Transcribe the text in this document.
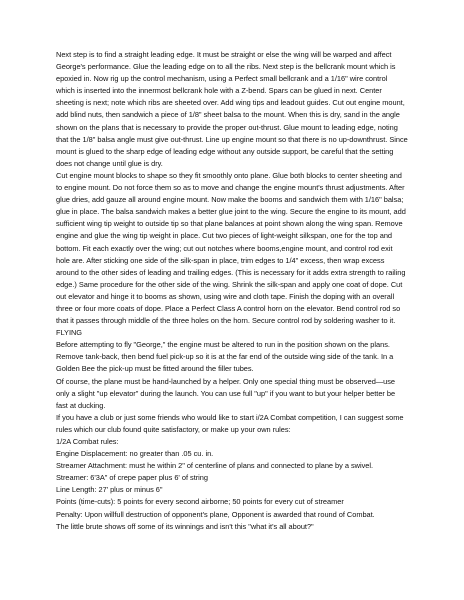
Next step is to find a straight leading edge. It must be straight or else the wing will be warped and affect George's performance. Glue the leading edge on to all the ribs. Next step is the bellcrank mount which is epoxied in. Now rig up the control mechanism, using a Perfect small bellcrank and a 1/16" wire control which is inserted into the innermost bellcrank hole with a Z-bend. Spars can be glued in next. Center sheeting is next; note which ribs are sheeted over. Add wing tips and leadout guides. Cut out engine mount, add blind nuts, then sandwich a piece of 1/8" sheet balsa to the mount. When this is dry, sand in the angle shown on the plans that is necessary to provide the proper out-thrust. Glue mount to leading edge, noting that the 1/8" balsa angle must give out-thrust. Line up engine mount so that there is no up-downthrust. Since mount is glued to the sharp edge of leading edge without any outside support, be careful that the setting does not change until glue is dry.

Cut engine mount blocks to shape so they fit smoothly onto plane. Glue both blocks to center sheeting and to engine mount. Do not force them so as to move and change the engine mount's thrust adjustments. After glue dries, add gauze all around engine mount. Now make the booms and sandwich them with 1/16" balsa; glue in place. The balsa sandwich makes a better glue joint to the wing. Secure the engine to its mount, add sufficient wing tip weight to outside tip so that plane balances at point shown along the wing span. Remove engine and glue the wing tip weight in place. Cut two pieces of light-weight silkspan, one for the top and bottom. Fit each exactly over the wing; cut out notches where booms,engine mount, and control rod exit hole are. After sticking one side of the silk-span in place, trim edges to 1/4" excess, then wrap excess around to the other sides of leading and trailing edges. (This is necessary for it adds extra strength to railing edge.) Same procedure for the other side of the wing. Shrink the silk-span and apply one coat of dope. Cut out elevator and hinge it to booms as shown, using wire and cloth tape. Finish the doping with an overall three or four more coats of dope. Place a Perfect Class A control horn on the elevator. Bend control rod so that it passes through middle of the three holes on the horn. Secure control rod by soldering washer to it.

FLYING

Before attempting to fly "George," the engine must be altered to run in the position shown on the plans. Remove tank-back, then bend fuel pick-up so it is at the far end of the outside wing side of the tank. In a Golden Bee the pick-up must be fitted around the filler tubes.

Of course, the plane must be hand-launched by a helper. Only one special thing must be observed—use only a slight "up elevator" during the launch. You can use full "up" if you want to but your helper better be fast at ducking.

If you have a club or just some friends who would like to start i/2A Combat competition, I can suggest some rules which our club found quite satisfactory, or make up your own rules:

1/2A Combat rules:

Engine Displacement: no greater than .05 cu. in.

Streamer Attachment: must he within 2" of centerline of plans and connected to plane by a swivel.

Streamer: 6'3A" of crepe paper plus 6' of string

Line Length: 27' plus or minus 6"

Points (time-cuts): 5 points for every second airborne; 50 points for every cut of streamer

Penalty: Upon willfull destruction of opponent's plane, Opponent is awarded that round of Combat.

The little brute shows off some of its winnings and isn't this "what it's all about?"
